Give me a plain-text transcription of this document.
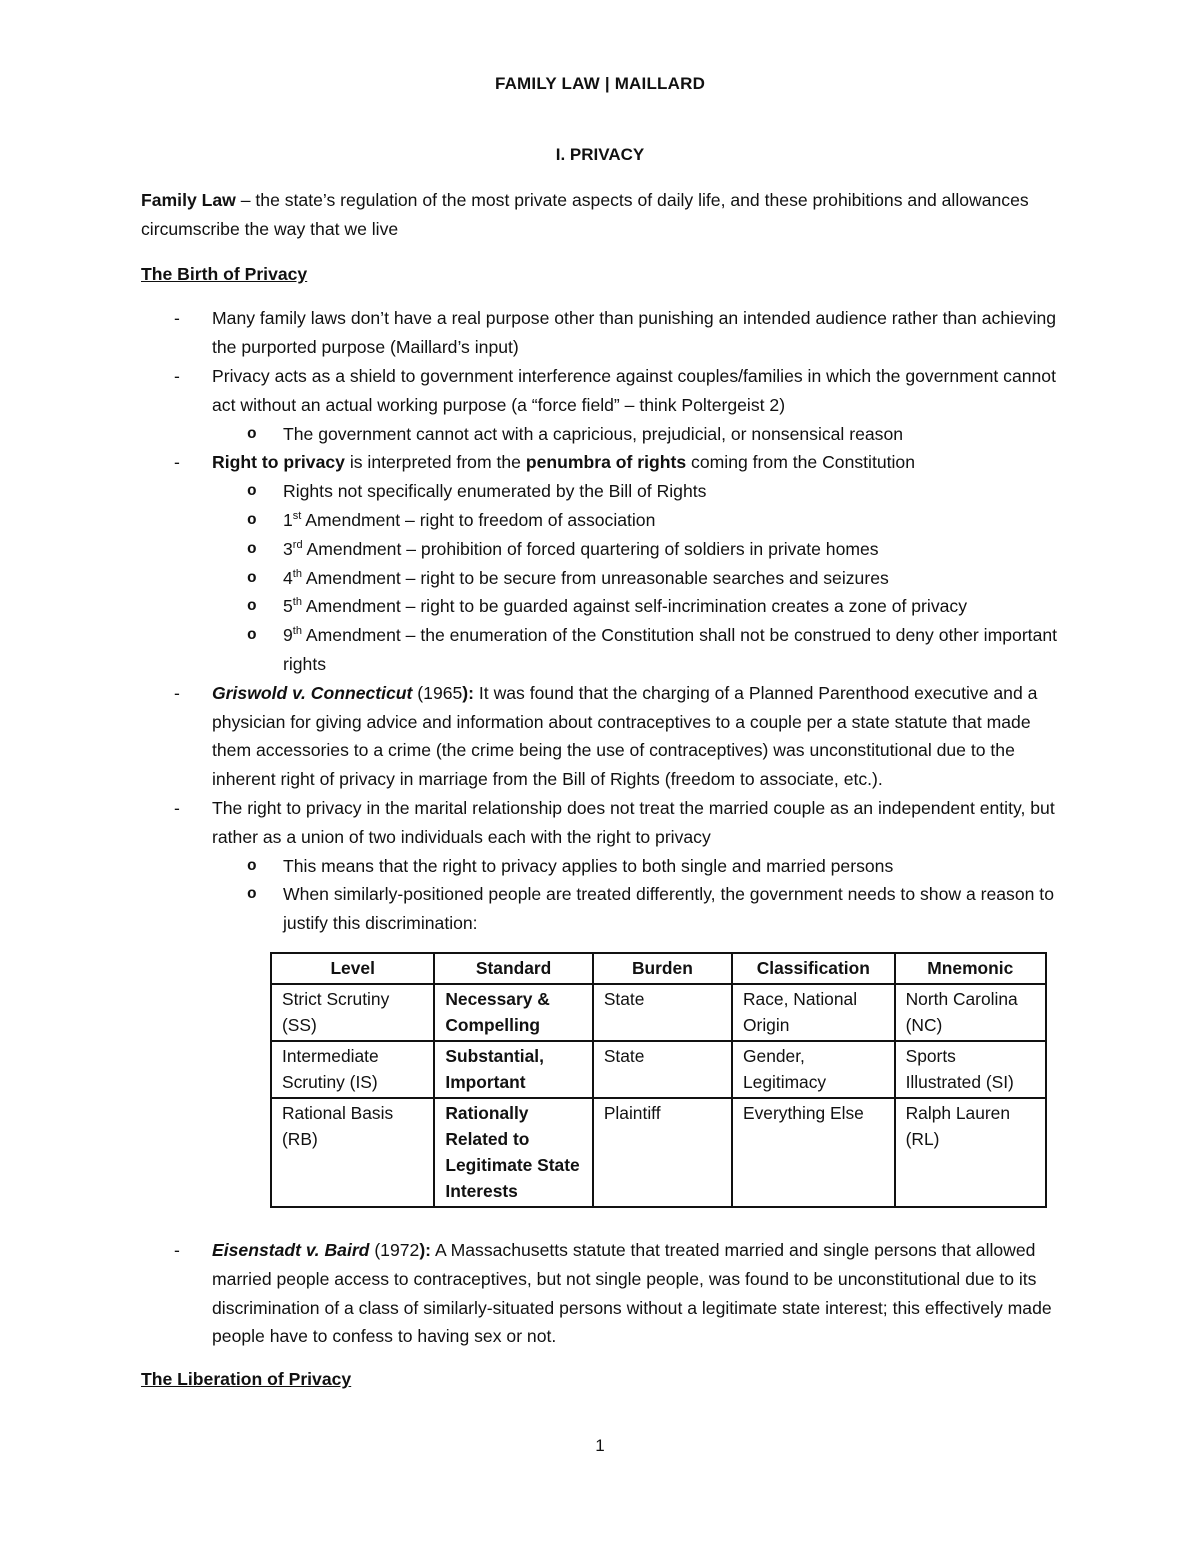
FAMILY LAW | MAILLARD
I. PRIVACY

Family Law – the state’s regulation of the most private aspects of daily life, and these prohibitions and allowances circumscribe the way that we live

The Birth of Privacy

- Many family laws don’t have a real purpose other than punishing an intended audience rather than achieving the purported purpose (Maillard’s input)

- Privacy acts as a shield to government interference against couples/families in which the government cannot act without an actual working purpose (a “force field” – think Poltergeist 2)

o The government cannot act with a capricious, prejudicial, or nonsensical reason

- Right to privacy is interpreted from the penumbra of rights coming from the Constitution

o Rights not specifically enumerated by the Bill of Rights

o 1st Amendment – right to freedom of association

o 3rd Amendment – prohibition of forced quartering of soldiers in private homes

o 4th Amendment – right to be secure from unreasonable searches and seizures

o 5th Amendment – right to be guarded against self-incrimination creates a zone of privacy

o 9th Amendment – the enumeration of the Constitution shall not be construed to deny other important rights

- Griswold v. Connecticut (1965): It was found that the charging of a Planned Parenthood executive and a physician for giving advice and information about contraceptives to a couple per a state statute that made them accessories to a crime (the crime being the use of contraceptives) was unconstitutional due to the inherent right of privacy in marriage from the Bill of Rights (freedom to associate, etc.).

- The right to privacy in the marital relationship does not treat the married couple as an independent entity, but rather as a union of two individuals each with the right to privacy

o This means that the right to privacy applies to both single and married persons

o When similarly-positioned people are treated differently, the government needs to show a reason to justify this discrimination:

Level	Standard	Burden	Classification	Mnemonic
Strict Scrutiny (SS)	Necessary & Compelling	State	Race, National Origin	North Carolina (NC)
Intermediate Scrutiny (IS)	Substantial, Important	State	Gender, Legitimacy	Sports Illustrated (SI)
Rational Basis (RB)	Rationally Related to Legitimate State Interests	Plaintiff	Everything Else	Ralph Lauren (RL)

- Eisenstadt v. Baird (1972): A Massachusetts statute that treated married and single persons that allowed married people access to contraceptives, but not single people, was found to be unconstitutional due to its discrimination of a class of similarly-situated persons without a legitimate state interest; this effectively made people have to confess to having sex or not.

The Liberation of Privacy

1
